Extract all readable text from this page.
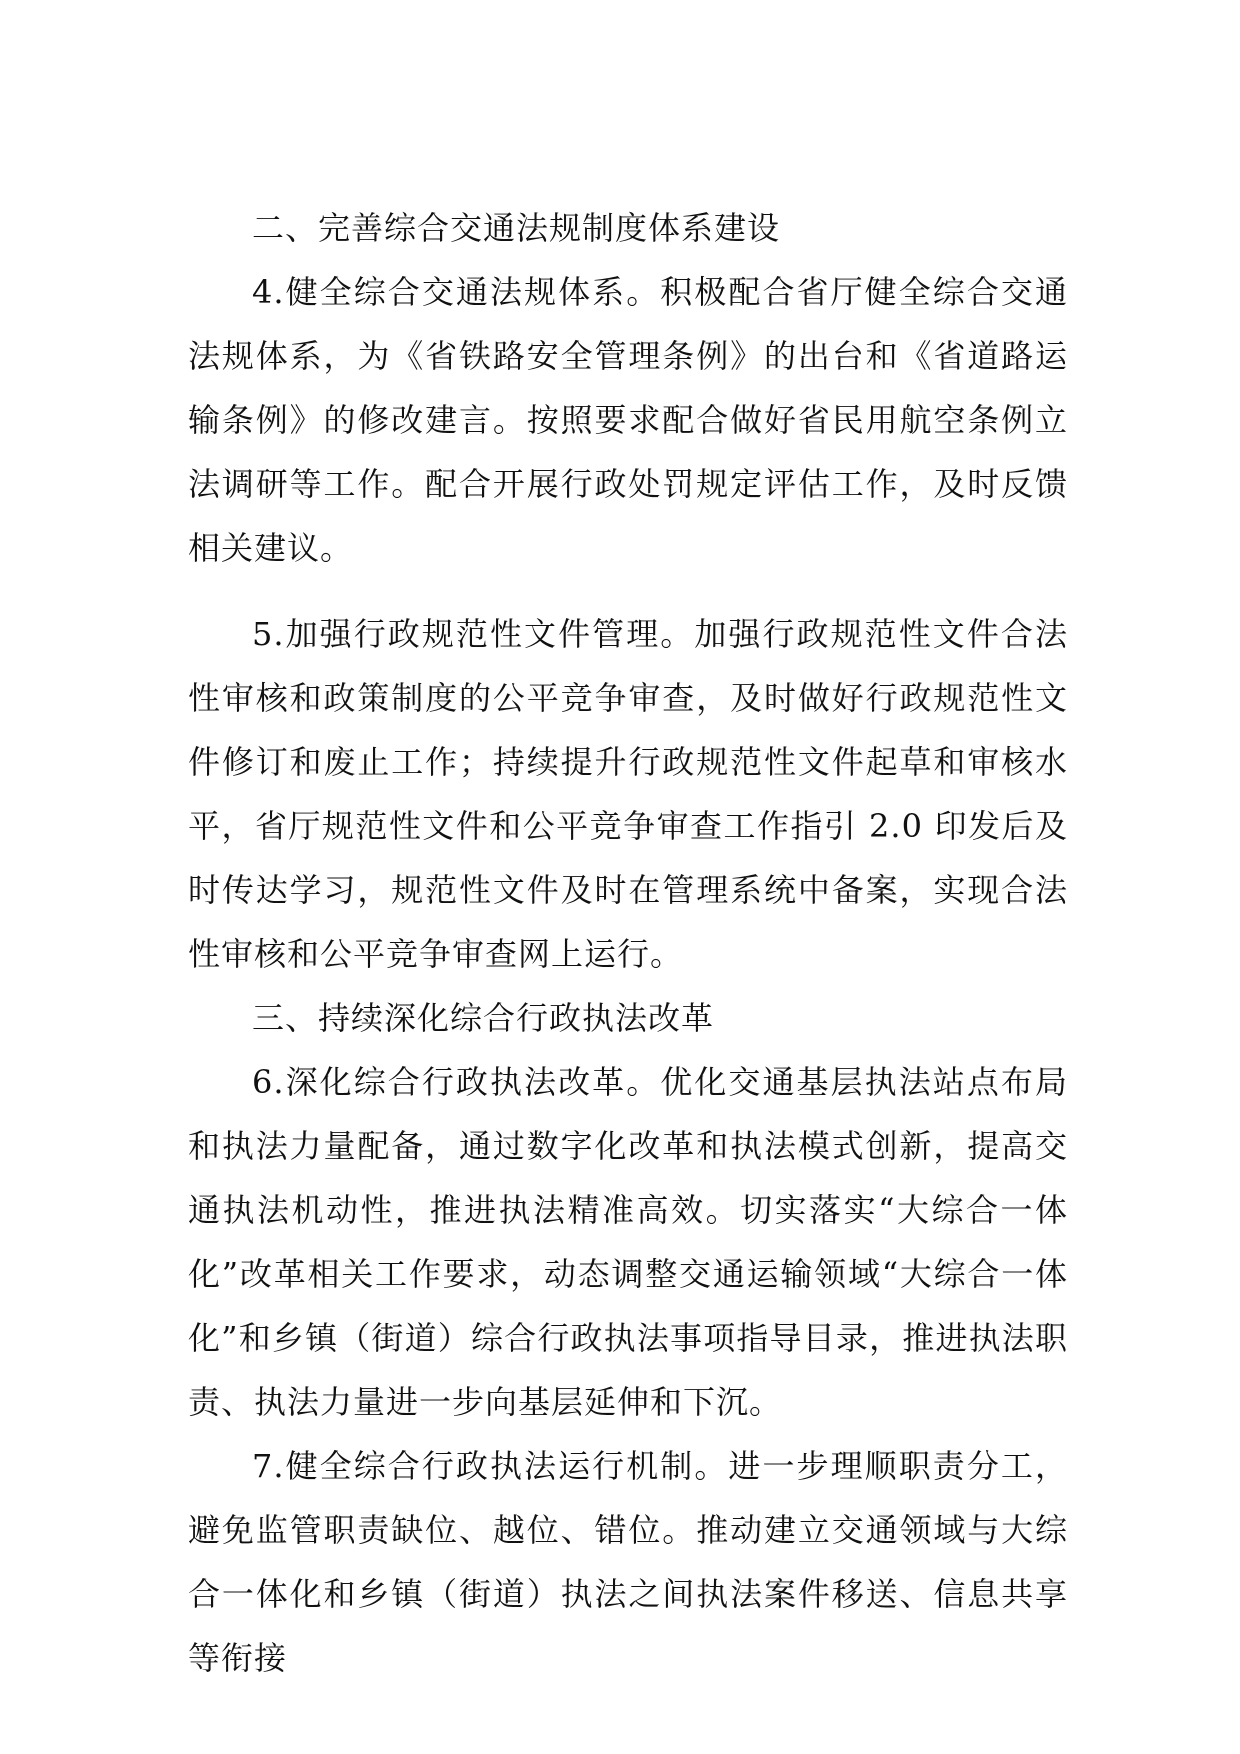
二、完善综合交通法规制度体系建设

4.健全综合交通法规体系。积极配合省厅健全综合交通法规体系，为《省铁路安全管理条例》的出台和《省道路运输条例》的修改建言。按照要求配合做好省民用航空条例立法调研等工作。配合开展行政处罚规定评估工作，及时反馈相关建议。

5.加强行政规范性文件管理。加强行政规范性文件合法性审核和政策制度的公平竞争审查，及时做好行政规范性文件修订和废止工作；持续提升行政规范性文件起草和审核水平，省厅规范性文件和公平竞争审查工作指引 2.0 印发后及时传达学习，规范性文件及时在管理系统中备案，实现合法性审核和公平竞争审查网上运行。

三、持续深化综合行政执法改革

6.深化综合行政执法改革。优化交通基层执法站点布局和执法力量配备，通过数字化改革和执法模式创新，提高交通执法机动性，推进执法精准高效。切实落实“大综合一体化”改革相关工作要求，动态调整交通运输领域“大综合一体化”和乡镇（街道）综合行政执法事项指导目录，推进执法职责、执法力量进一步向基层延伸和下沉。

7.健全综合行政执法运行机制。进一步理顺职责分工，避免监管职责缺位、越位、错位。推动建立交通领域与大综合一体化和乡镇（街道）执法之间执法案件移送、信息共享等衔接
